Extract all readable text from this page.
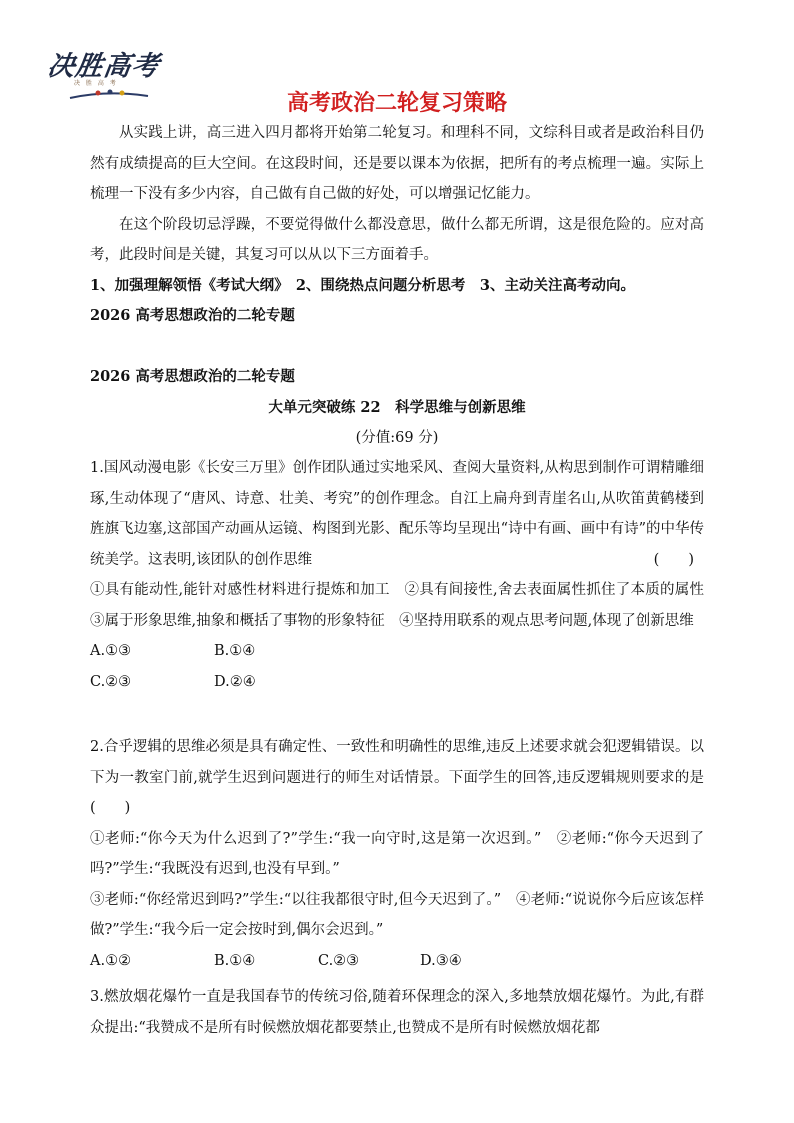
决胜高考
决 胜 高 考
高考政治二轮复习策略

从实践上讲，高三进入四月都将开始第二轮复习。和理科不同，文综科目或者是政治科目仍然有成绩提高的巨大空间。在这段时间，还是要以课本为依据，把所有的考点梳理一遍。实际上梳理一下没有多少内容，自己做有自己做的好处，可以增强记忆能力。

在这个阶段切忌浮躁，不要觉得做什么都没意思，做什么都无所谓，这是很危险的。应对高考，此段时间是关键，其复习可以从以下三方面着手。

1、加强理解领悟《考试大纲》　2、围绕热点问题分析思考　3、主动关注高考动向。

2026 高考思想政治的二轮专题

2026 高考思想政治的二轮专题

大单元突破练 22　科学思维与创新思维

(分值:69 分)

1.国风动漫电影《长安三万里》创作团队通过实地采风、查阅大量资料,从构思到制作可谓精雕细琢,生动体现了“唐风、诗意、壮美、考究”的创作理念。自江上扁舟到青崖名山,从吹笛黄鹤楼到旌旗飞边塞,这部国产动画从运镜、构图到光影、配乐等均呈现出“诗中有画、画中有诗”的中华传统美学。这表明,该团队的创作思维	(　　)

①具有能动性,能针对感性材料进行提炼和加工　②具有间接性,舍去表面属性抓住了本质的属性　③属于形象思维,抽象和概括了事物的形象特征　④坚持用联系的观点思考问题,体现了创新思维

A.①③	B.①④
C.②③	D.②④

2.合乎逻辑的思维必须是具有确定性、一致性和明确性的思维,违反上述要求就会犯逻辑错误。以下为一教室门前,就学生迟到问题进行的师生对话情景。下面学生的回答,违反逻辑规则要求的是(　　)

①老师:“你今天为什么迟到了?”学生:“我一向守时,这是第一次迟到。”　②老师:“你今天迟到了吗?”学生:“我既没有迟到,也没有早到。”

③老师:“你经常迟到吗?”学生:“以往我都很守时,但今天迟到了。”　④老师:“说说你今后应该怎样做?”学生:“我今后一定会按时到,偶尔会迟到。”

A.①②	B.①④	C.②③	D.③④

3.燃放烟花爆竹一直是我国春节的传统习俗,随着环保理念的深入,多地禁放烟花爆竹。为此,有群众提出:“我赞成不是所有时候燃放烟花都要禁止,也赞成不是所有时候燃放烟花都
